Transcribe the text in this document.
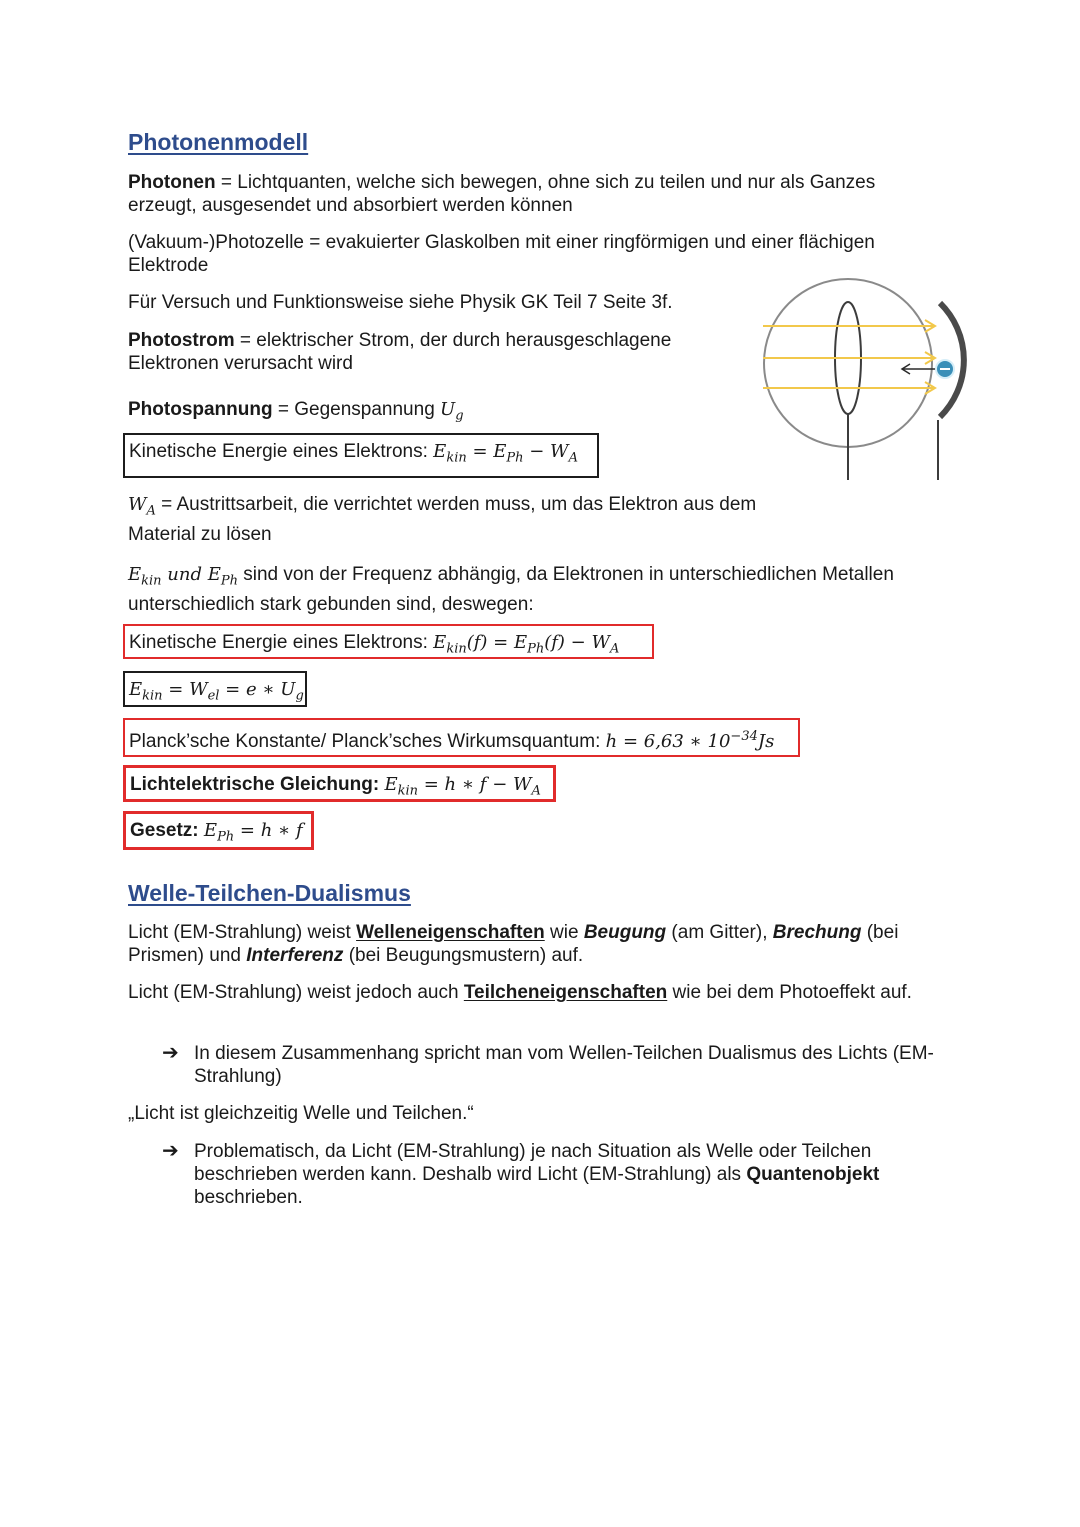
Photonenmodell

Photonen = Lichtquanten, welche sich bewegen, ohne sich zu teilen und nur als Ganzes erzeugt, ausgesendet und absorbiert werden können

(Vakuum-)Photozelle = evakuierter Glaskolben mit einer ringförmigen und einer flächigen Elektrode

Für Versuch und Funktionsweise siehe Physik GK Teil 7 Seite 3f.

Photostrom = elektrischer Strom, der durch herausgeschlagene Elektronen verursacht wird

Photospannung = Gegenspannung $U_g$

Kinetische Energie eines Elektrons: $E_{kin} = E_{Ph} - W_A$

$W_A$ = Austrittsarbeit, die verrichtet werden muss, um das Elektron aus dem Material zu lösen

$E_{kin}$ und $E_{Ph}$ sind von der Frequenz abhängig, da Elektronen in unterschiedlichen Metallen unterschiedlich stark gebunden sind, deswegen:

Kinetische Energie eines Elektrons: $E_{kin}(f) = E_{Ph}(f) - W_A$
$E_{kin} = W_{el} = e$ ∗ $U_g$
Planck’sche Konstante/ Planck’sches Wirkumsquantum: h = 6,63 ∗ $10^{-34}Js$
Lichtelektrische Gleichung: $E_{kin} = h$ ∗ $f - W_A$
Gesetz: $E_{Ph} = h$ ∗ f
Welle-Teilchen-Dualismus

Licht (EM-Strahlung) weist Welleneigenschaften wie Beugung (am Gitter), Brechung (bei Prismen) und Interferenz (bei Beugungsmustern) auf.

Licht (EM-Strahlung) weist jedoch auch Teilcheneigenschaften wie bei dem Photoeffekt auf.

➔ In diesem Zusammenhang spricht man vom Wellen-Teilchen Dualismus des Lichts (EM-Strahlung)

„Licht ist gleichzeitig Welle und Teilchen.“

➔ Problematisch, da Licht (EM-Strahlung) je nach Situation als Welle oder Teilchen beschrieben werden kann. Deshalb wird Licht (EM-Strahlung) als Quantenobjekt beschrieben.
